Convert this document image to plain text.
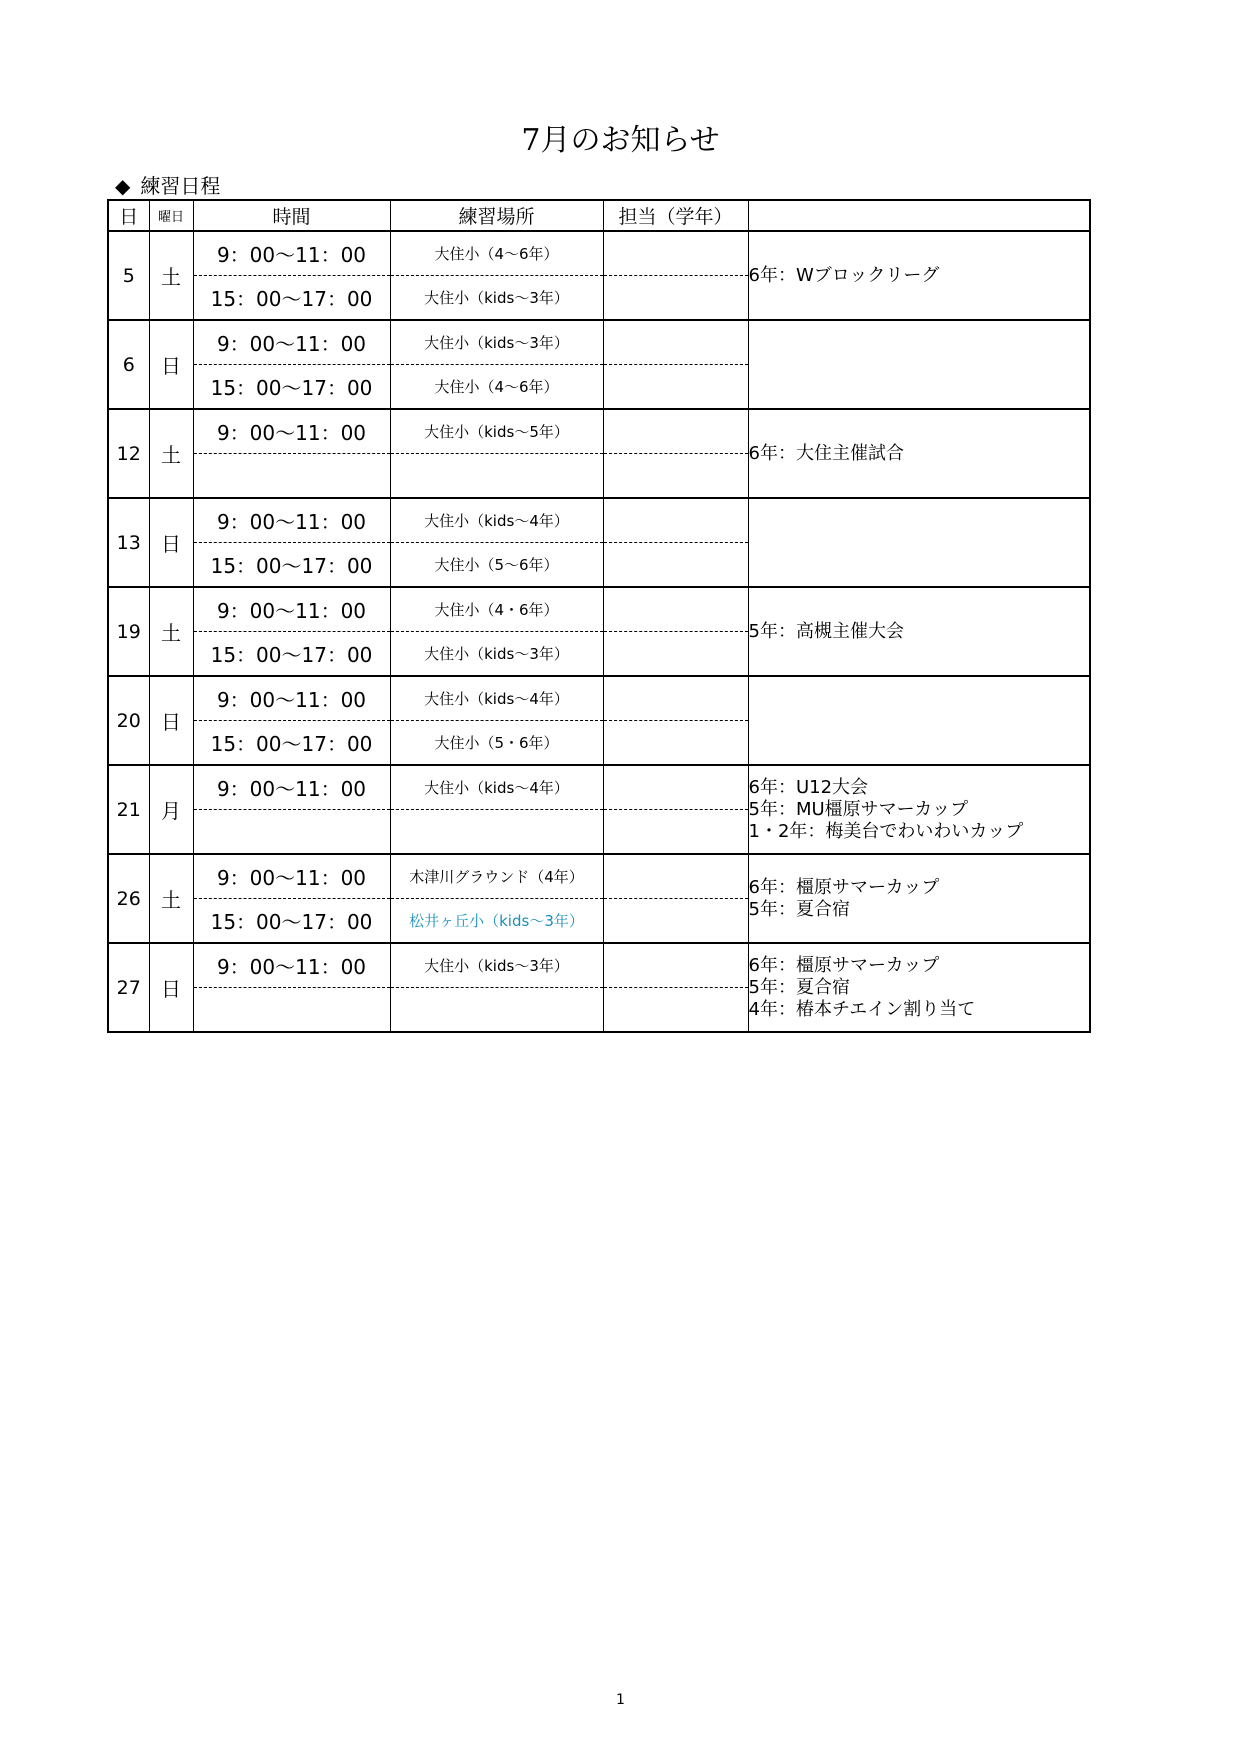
7月のお知らせ
◆ 練習日程
日	曜日	時間	練習場所	担当（学年）	
5	土	9：00～11：00	大住小（4～6年）		6年：Wブロックリーグ

		15：00～17：00	大住小（kids～3年）		
6	日	9：00～11：00	大住小（kids～3年）		
		15：00～17：00	大住小（4～6年）		
12	土	9：00～11：00	大住小（kids～5年）		6年：大住主催試合

13	日	9：00～11：00	大住小（kids～4年）		
		15：00～17：00	大住小（5～6年）		
19	土	9：00～11：00	大住小（4・6年）		5年：高槻主催大会

		15：00～17：00	大住小（kids～3年）		
20	日	9：00～11：00	大住小（kids～4年）		
		15：00～17：00	大住小（5・6年）		
21	月	9：00～11：00	大住小（kids～4年）		6年：U12大会
5年：MU橿原サマーカップ
1・2年：梅美台でわいわいカップ

26	土	9：00～11：00	木津川グラウンド（4年）		6年：橿原サマーカップ
5年：夏合宿

		15：00～17：00	松井ヶ丘小（kids～3年）		
27	日	9：00～11：00	大住小（kids～3年）		6年：橿原サマーカップ
5年：夏合宿
4年：椿本チエイン割り当て

1
